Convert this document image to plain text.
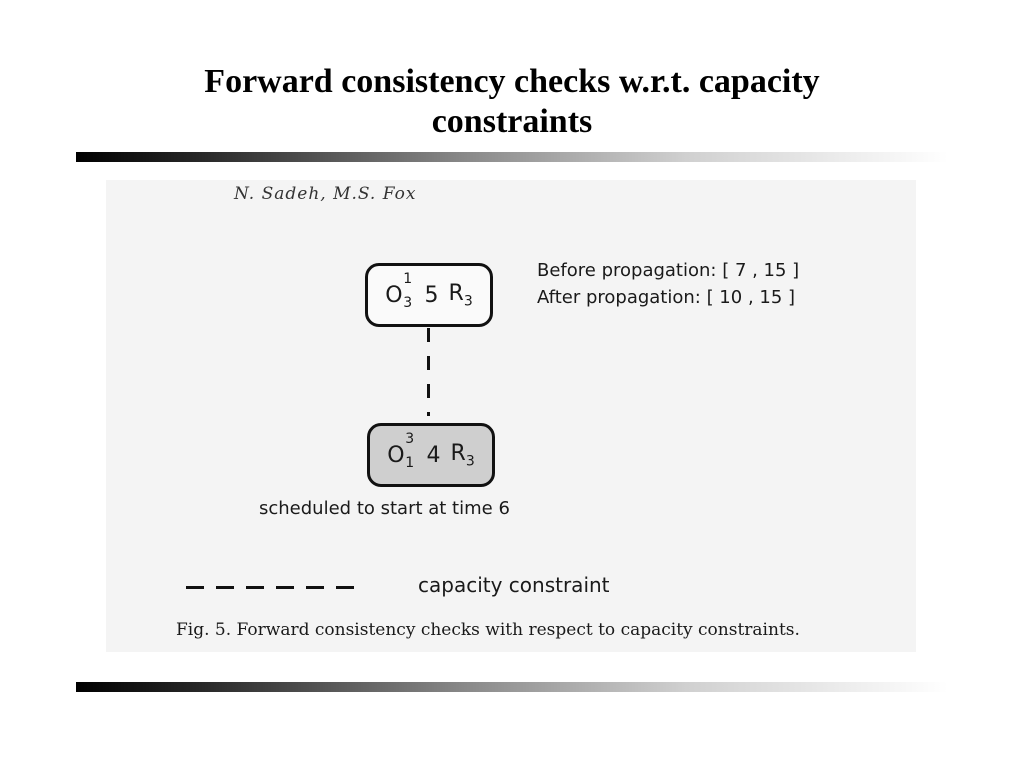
Forward consistency checks w.r.t. capacity
constraints
N. Sadeh, M.S. Fox
O
1
3 5 $R_3$
O
3
1 4 $R_3$
Before propagation: [ 7 , 15 ]
After propagation: [ 10 , 15 ]
scheduled to start at time 6
capacity constraint
Fig. 5. Forward consistency checks with respect to capacity constraints.
